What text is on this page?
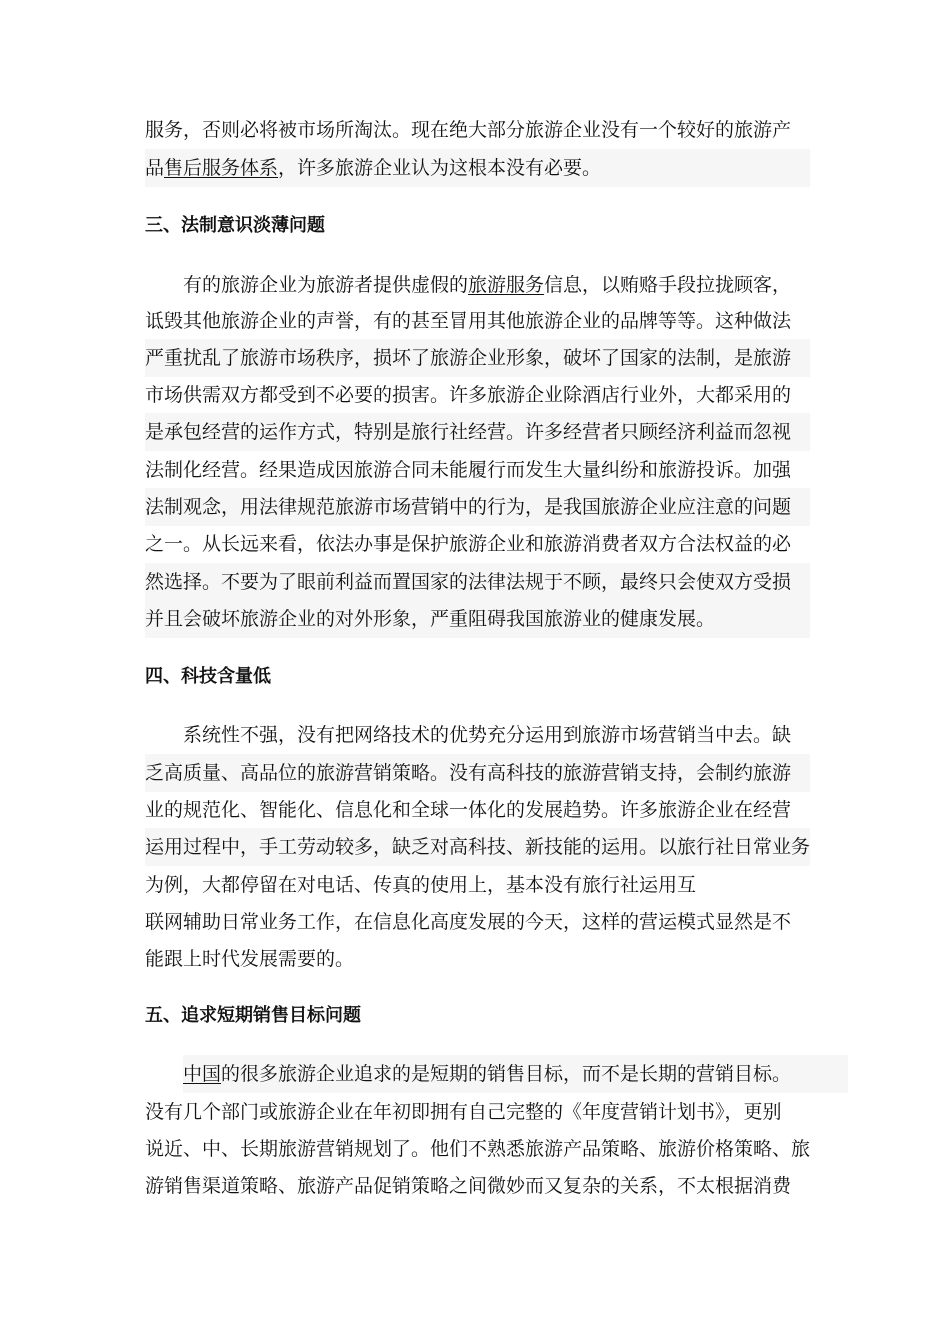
服务，否则必将被市场所淘汰。现在绝大部分旅游企业没有一个较好的旅游产
品售后服务体系，许多旅游企业认为这根本没有必要。
三、法制意识淡薄问题
有的旅游企业为旅游者提供虚假的旅游服务信息，以贿赂手段拉拢顾客，
诋毁其他旅游企业的声誉，有的甚至冒用其他旅游企业的品牌等等。这种做法
严重扰乱了旅游市场秩序，损坏了旅游企业形象，破坏了国家的法制，是旅游
市场供需双方都受到不必要的损害。许多旅游企业除酒店行业外，大都采用的
是承包经营的运作方式，特别是旅行社经营。许多经营者只顾经济利益而忽视
法制化经营。经果造成因旅游合同未能履行而发生大量纠纷和旅游投诉。加强
法制观念，用法律规范旅游市场营销中的行为，是我国旅游企业应注意的问题
之一。从长远来看，依法办事是保护旅游企业和旅游消费者双方合法权益的必
然选择。不要为了眼前利益而置国家的法律法规于不顾，最终只会使双方受损
并且会破坏旅游企业的对外形象，严重阻碍我国旅游业的健康发展。
四、科技含量低
系统性不强，没有把网络技术的优势充分运用到旅游市场营销当中去。缺
乏高质量、高品位的旅游营销策略。没有高科技的旅游营销支持，会制约旅游
业的规范化、智能化、信息化和全球一体化的发展趋势。许多旅游企业在经营
运用过程中，手工劳动较多，缺乏对高科技、新技能的运用。以旅行社日常业务
为例，大都停留在对电话、传真的使用上，基本没有旅行社运用互
联网辅助日常业务工作，在信息化高度发展的今天，这样的营运模式显然是不
能跟上时代发展需要的。
五、追求短期销售目标问题
中国的很多旅游企业追求的是短期的销售目标，而不是长期的营销目标。
没有几个部门或旅游企业在年初即拥有自己完整的《年度营销计划书》，更别
说近、中、长期旅游营销规划了。他们不熟悉旅游产品策略、旅游价格策略、旅
游销售渠道策略、旅游产品促销策略之间微妙而又复杂的关系，不太根据消费
